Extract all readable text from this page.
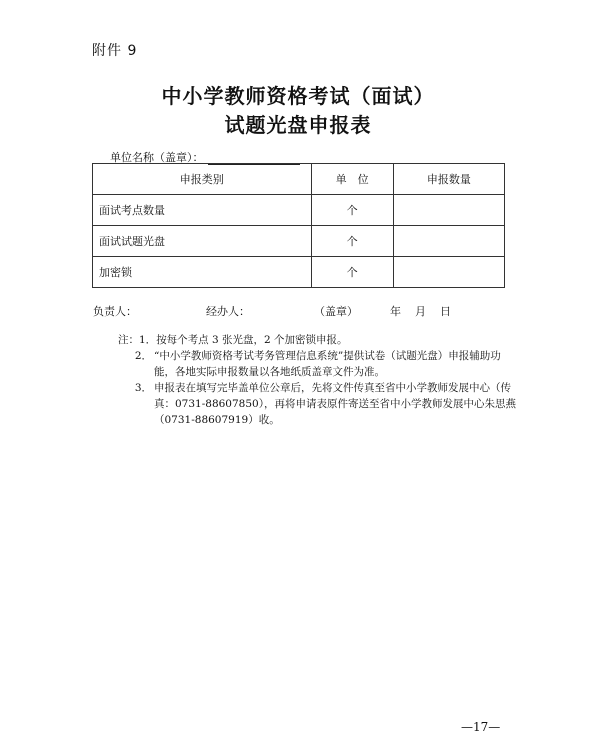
附件 9
中小学教师资格考试（面试）
试题光盘申报表
单位名称（盖章）：
申报类别	单　位	申报数量
面试考点数量	个	
面试试题光盘	个	
加密锁	个	
负责人：	经办人：	（盖章）	年 月 日
注： 1． 按每个考点 3 张光盘，2 个加密锁申报。
2． “中小学教师资格考试考务管理信息系统”提供试卷（试题光盘）申报辅助功能，各地实际申报数量以各地纸质盖章文件为准。
3． 申报表在填写完毕盖单位公章后，先将文件传真至省中小学教师发展中心（传真：0731-88607850），再将申请表原件寄送至省中小学教师发展中心朱思燕（0731-88607919）收。
—17—
